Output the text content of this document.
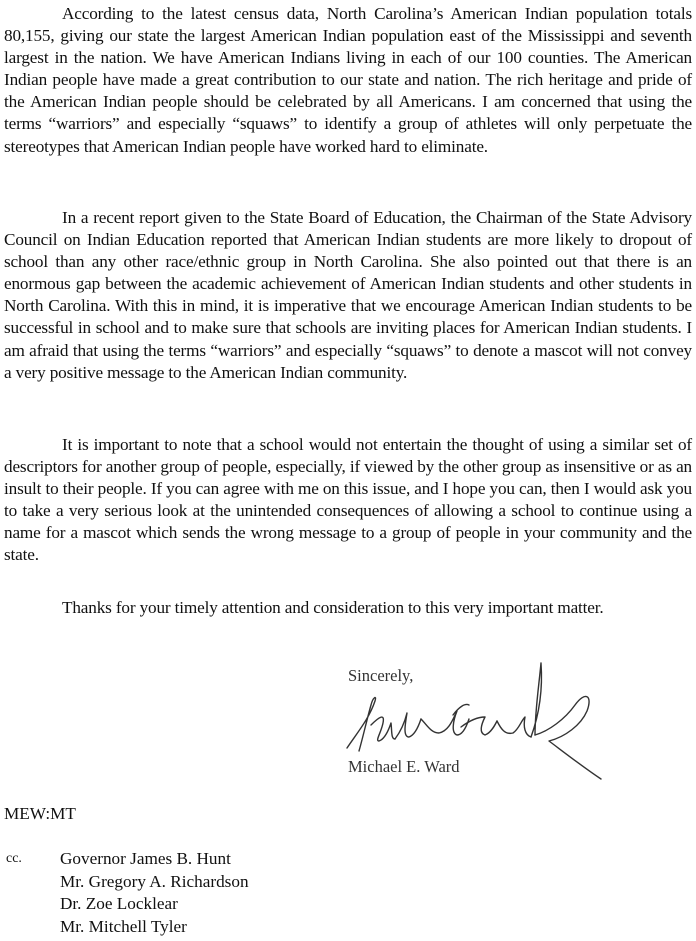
According to the latest census data, North Carolina’s American Indian population totals 80,155, giving our state the largest American Indian population east of the Mississippi and seventh largest in the nation. We have American Indians living in each of our 100 counties. The American Indian people have made a great contribution to our state and nation. The rich heritage and pride of the American Indian people should be celebrated by all Americans. I am concerned that using the terms “warriors” and especially “squaws” to identify a group of athletes will only perpetuate the stereotypes that American Indian people have worked hard to eliminate.

In a recent report given to the State Board of Education, the Chairman of the State Advisory Council on Indian Education reported that American Indian students are more likely to dropout of school than any other race/ethnic group in North Carolina. She also pointed out that there is an enormous gap between the academic achievement of American Indian students and other students in North Carolina. With this in mind, it is imperative that we encourage American Indian students to be successful in school and to make sure that schools are inviting places for American Indian students. I am afraid that using the terms “warriors” and especially “squaws” to denote a mascot will not convey a very positive message to the American Indian community.

It is important to note that a school would not entertain the thought of using a similar set of descriptors for another group of people, especially, if viewed by the other group as insensitive or as an insult to their people. If you can agree with me on this issue, and I hope you can, then I would ask you to take a very serious look at the unintended consequences of allowing a school to continue using a name for a mascot which sends the wrong message to a group of people in your community and the state.

Thanks for your timely attention and consideration to this very important matter.

Sincerely,
Michael E. Ward
MEW:MT
cc. Governor James B. Hunt
Mr. Gregory A. Richardson
Dr. Zoe Locklear
Mr. Mitchell Tyler
